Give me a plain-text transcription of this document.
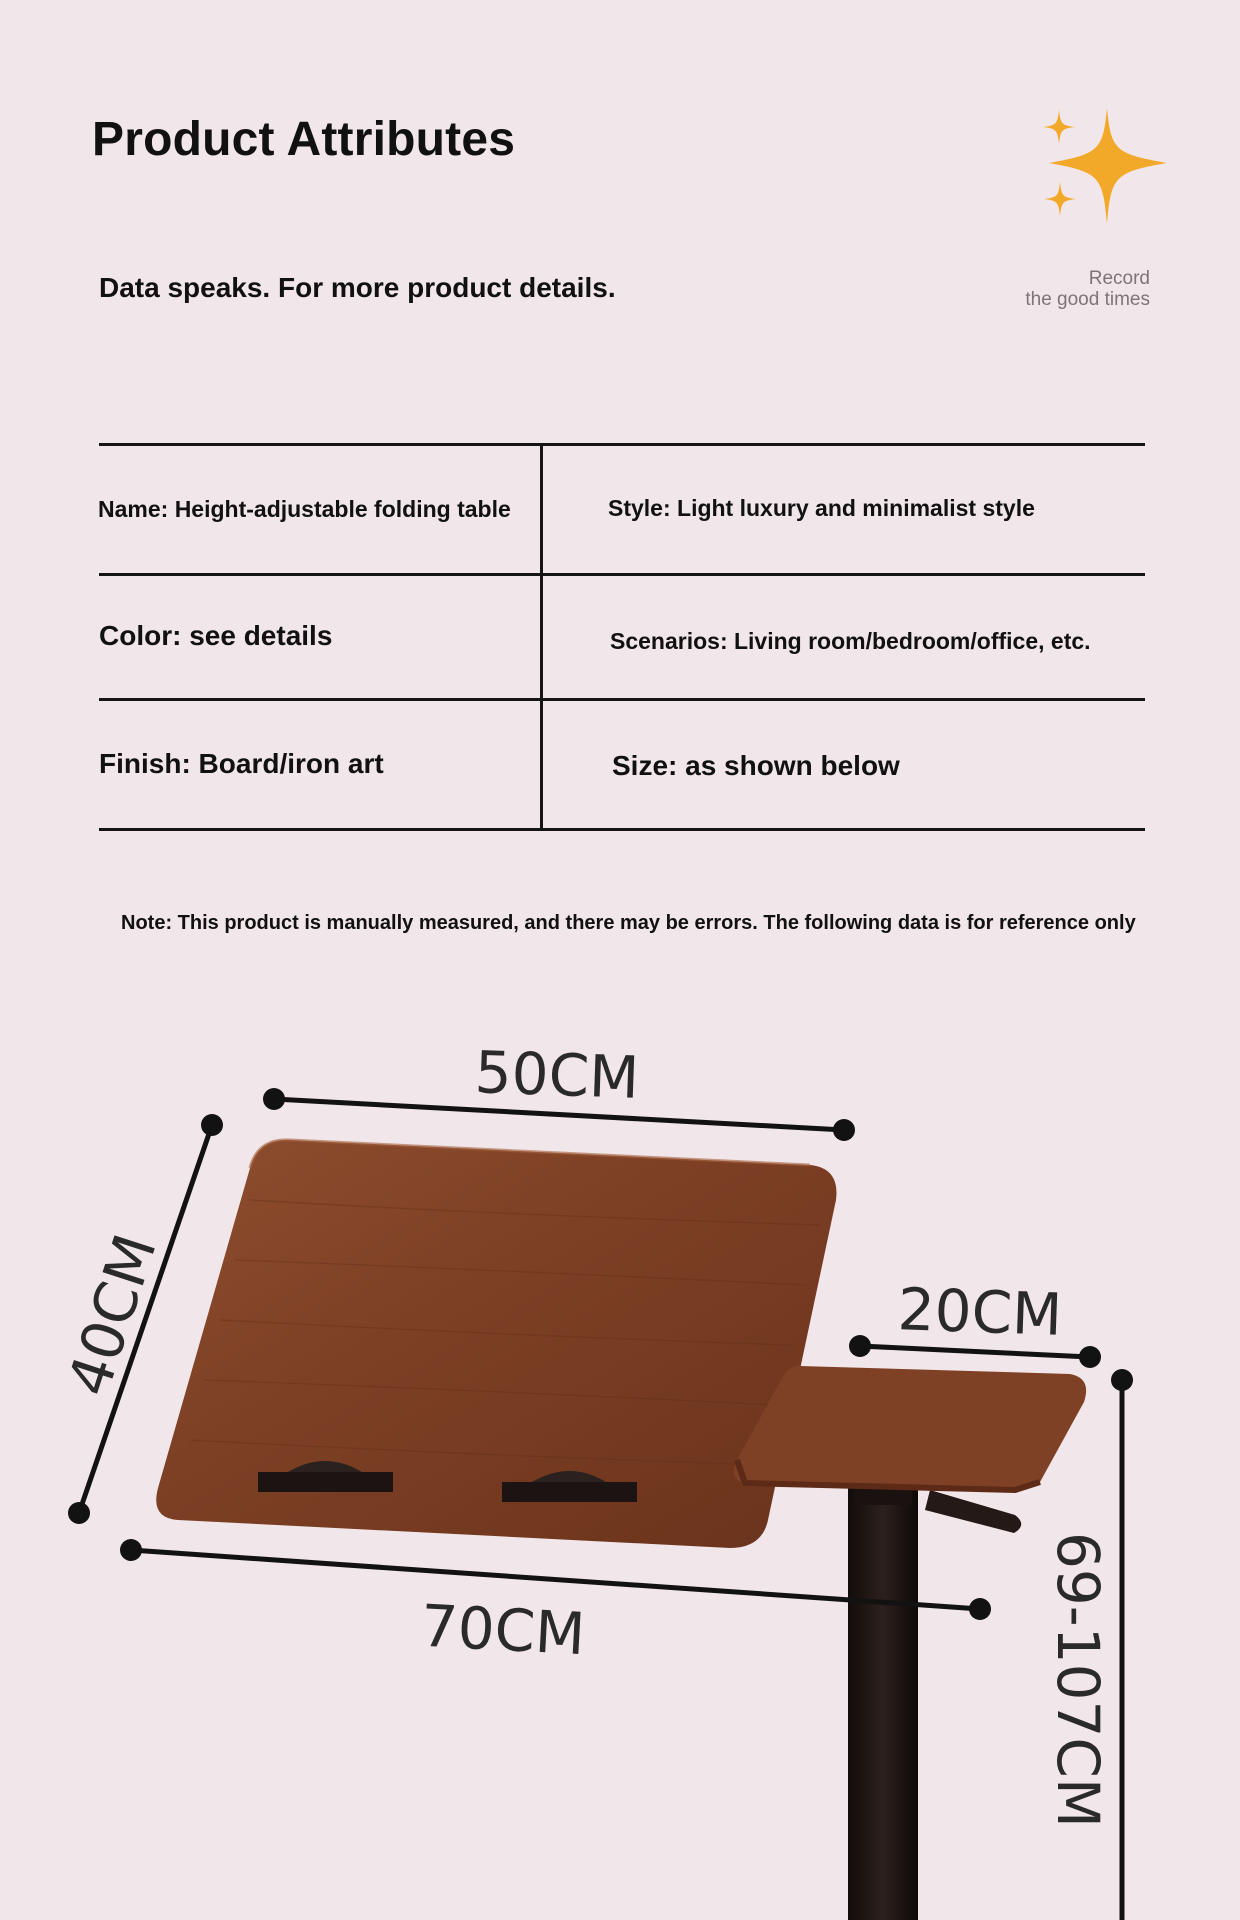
Product Attributes
Data speaks. For more product details.	Record
the good times
Name: Height-adjustable folding table	Style: Light luxury and minimalist style
Color: see details	Scenarios: Living room/bedroom/office, etc.
Finish: Board/iron art	Size: as shown below
Note: This product is manually measured, and there may be errors. The following data is for reference only
50CM
40CM
70CM
20CM
69-107CM
